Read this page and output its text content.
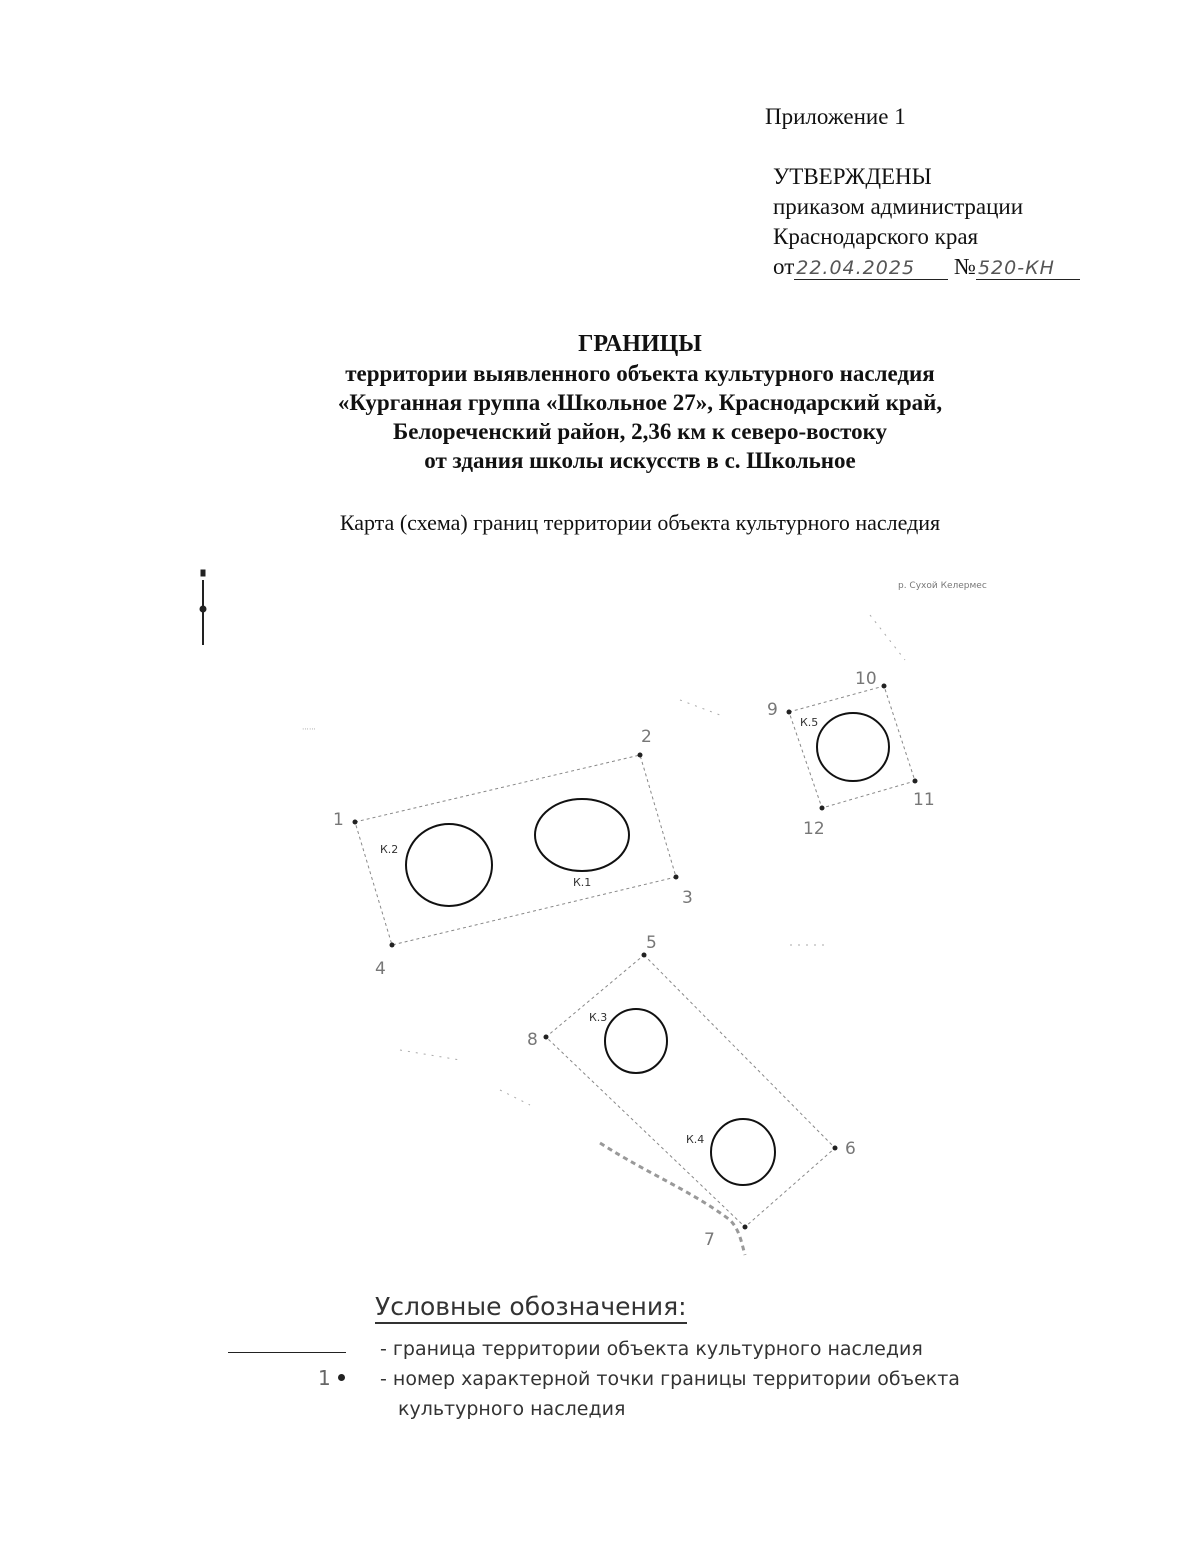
Приложение 1
УТВЕРЖДЕНЫ
приказом администрации
Краснодарского края
от 22.04.2025 № 520-КН
ГРАНИЦЫ
территории выявленного объекта культурного наследия
«Курганная группа «Школьное 27», Краснодарский край,
Белореченский район, 2,36 км к северо-востоку
от здания школы искусств в с. Школьное
Карта (схема) границ территории объекта культурного наследия
р. Сухой Келермес
⋯⋯
К.1
К.2
К.3
К.4
К.5
1
2
3
4
5
6
7
8
9
10
11
12
Условные обозначения:
- граница территории объекта культурного наследия
1	- номер характерной точки границы территории объекта
культурного наследия
